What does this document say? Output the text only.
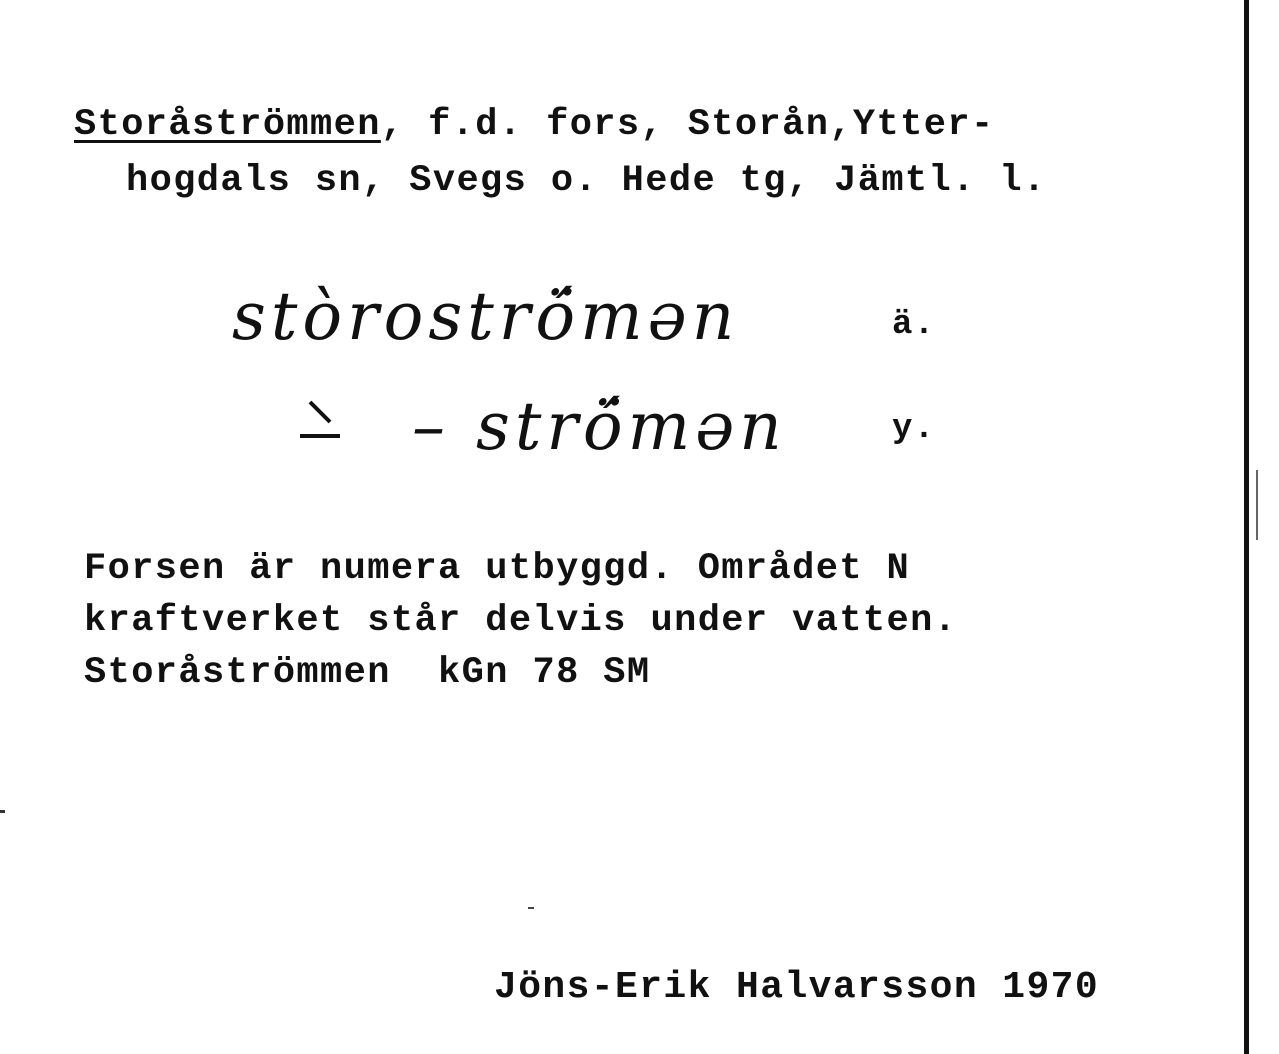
Storåströmmen, f.d. fors, Storån,Ytter-
hogdals sn, Svegs o. Hede tg, Jämtl. l.
stòroströ́mən	ä.
– strö́mən	y.
Forsen är numera utbyggd. Området N
kraftverket står delvis under vatten.
Storåströmmen  kGn 78 SM
Jöns-Erik Halvarsson 1970
